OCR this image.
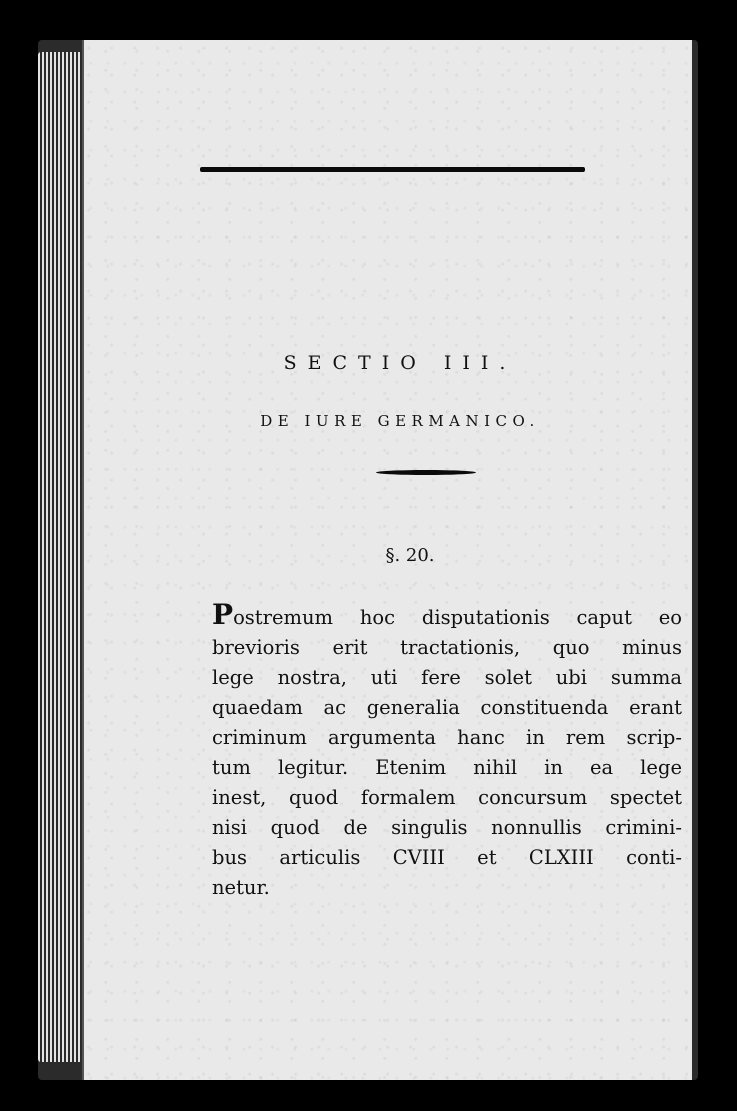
SECTIO III.
DE IURE GERMANICO.
§. 20.

Postremum hoc disputationis caput eo
brevioris erit tractationis, quo minus
lege nostra, uti fere solet ubi summa
quaedam ac generalia constituenda erant
criminum argumenta hanc in rem scrip-
tum legitur. Etenim nihil in ea lege
inest, quod formalem concursum spectet
nisi quod de singulis nonnullis crimini-
bus articulis CVIII et CLXIII conti-
netur.
